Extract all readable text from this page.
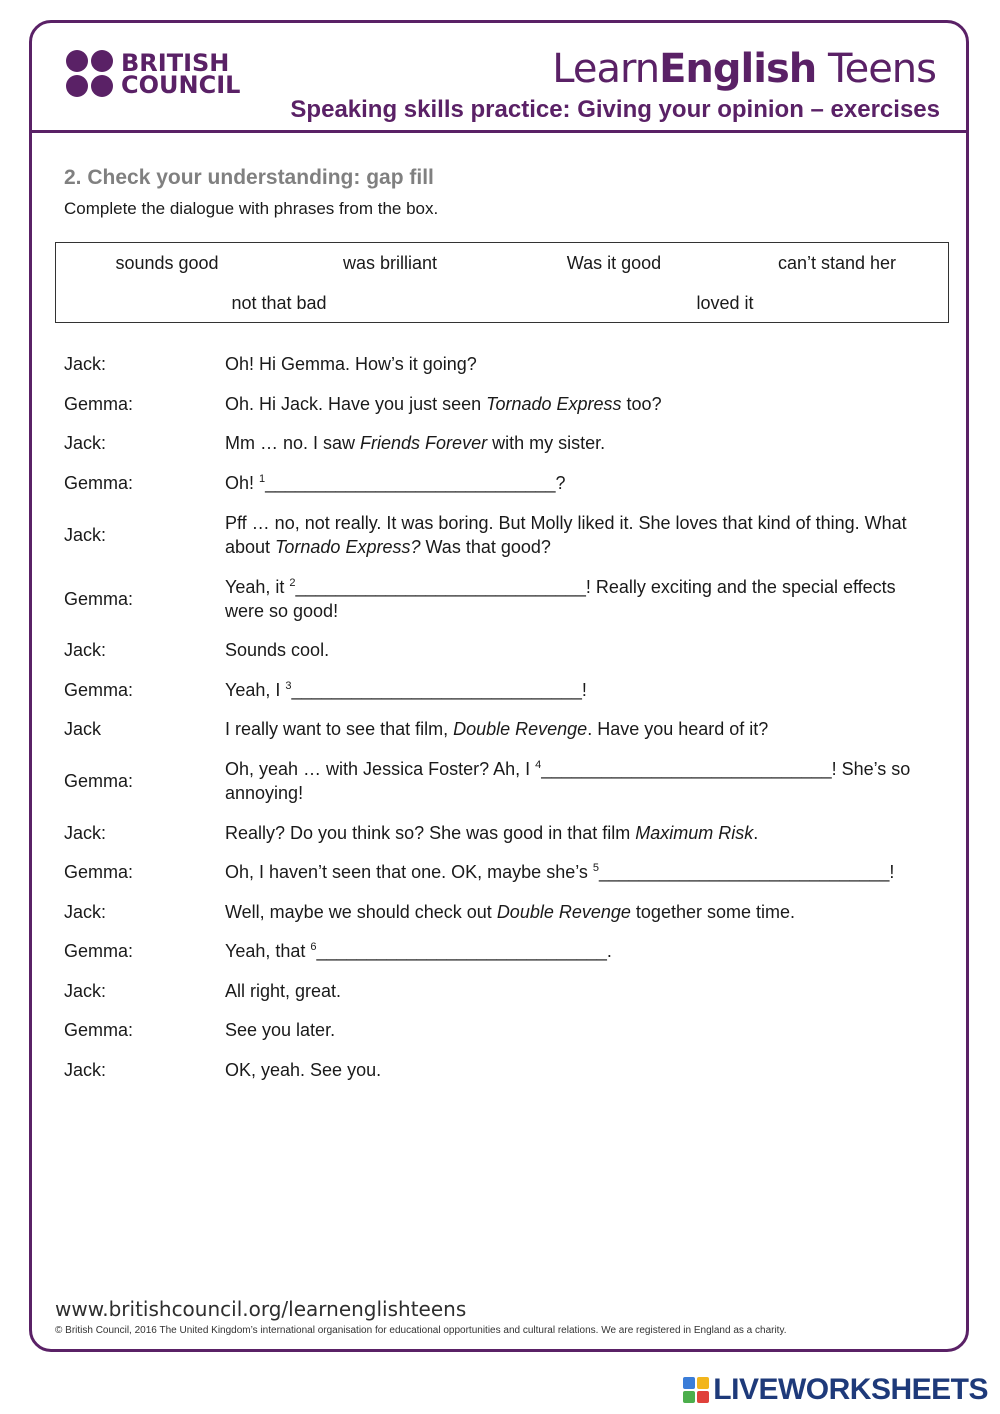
BRITISH
COUNCIL	LearnEnglish Teens
Speaking skills practice: Giving your opinion – exercises
2. Check your understanding: gap fill
Complete the dialogue with phrases from the box.
sounds good	was brilliant	Was it good	can’t stand her
not that bad	loved it
Jack:	Oh! Hi Gemma. How’s it going?
Gemma:	Oh. Hi Jack. Have you just seen Tornado Express too?
Jack:	Mm … no. I saw Friends Forever with my sister.
Gemma:	Oh! $^1$_____________________________?
Jack:
Pff … no, not really. It was boring. But Molly liked it. She loves that kind of thing. What about Tornado Express? Was that good?
Gemma:
Yeah, it $^2$_____________________________! Really exciting and the special effects were so good!
Jack:	Sounds cool.
Gemma:	Yeah, I $^3$_____________________________!
Jack	I really want to see that film, Double Revenge. Have you heard of it?
Gemma:
Oh, yeah … with Jessica Foster? Ah, I $^4$_____________________________! She’s so annoying!
Jack:	Really? Do you think so? She was good in that film Maximum Risk.
Gemma:	Oh, I haven’t seen that one. OK, maybe she’s $^5$_____________________________!
Jack:	Well, maybe we should check out Double Revenge together some time.
Gemma:	Yeah, that $^6$_____________________________.
Jack:	All right, great.
Gemma:	See you later.
Jack:	OK, yeah. See you.
www.britishcouncil.org/learnenglishteens
© British Council, 2016 The United Kingdom’s international organisation for educational opportunities and cultural relations. We are registered in England as a charity.
LIVEWORKSHEETS
